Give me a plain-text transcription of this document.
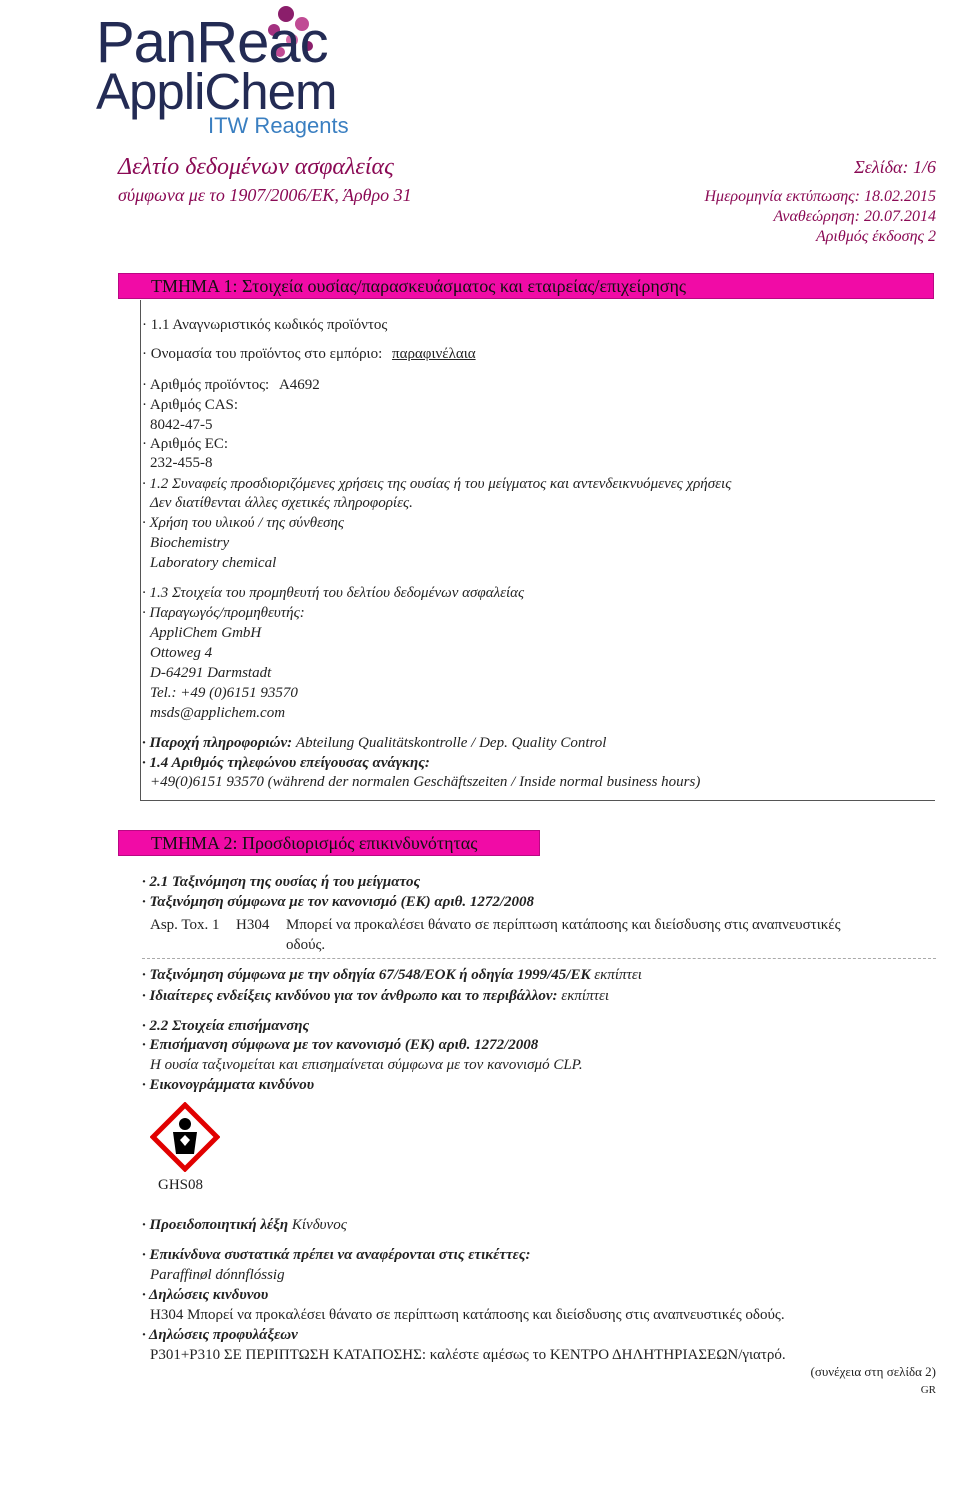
PanReac
AppliChem
ITW Reagents
Δελτίο δεδομένων ασφαλείας
σύμφωνα με το 1907/2006/ΕΚ, Άρθρο 31
Σελίδα: 1/6
Ημερομηνία εκτύπωσης: 18.02.2015
Αναθεώρηση: 20.07.2014
Αριθμός έκδοσης 2
ΤΜΗΜΑ 1: Στοιχεία ουσίας/παρασκευάσματος και εταιρείας/επιχείρησης
· 1.1 Αναγνωριστικός κωδικός προϊόντος
· Ονομασία του προϊόντος στο εμπόριο: παραφινέλαια
· Αριθμός προϊόντος: A4692
· Αριθμός CAS:
8042-47-5
· Αριθμός EC:
232-455-8
· 1.2 Συναφείς προσδιοριζόμενες χρήσεις της ουσίας ή του μείγματος και αντενδεικνυόμενες χρήσεις
Δεν διατίθενται άλλες σχετικές πληροφορίες.
· Χρήση του υλικού / της σύνθεσης
Biochemistry
Laboratory chemical
· 1.3 Στοιχεία του προμηθευτή του δελτίου δεδομένων ασφαλείας
· Παραγωγός/προμηθευτής:
AppliChem GmbH
Ottoweg 4
D-64291 Darmstadt
Tel.: +49 (0)6151 93570
msds@applichem.com
· Παροχή πληροφοριών: Abteilung Qualitätskontrolle / Dep. Quality Control
· 1.4 Αριθμός τηλεφώνου επείγουσας ανάγκης:
+49(0)6151 93570 (während der normalen Geschäftszeiten / Inside normal business hours)
ΤΜΗΜΑ 2: Προσδιορισμός επικινδυνότητας
· 2.1 Ταξινόμηση της ουσίας ή του μείγματος
· Ταξινόμηση σύμφωνα με τον κανονισμό (ΕΚ) αριθ. 1272/2008
Asp. Tox. 1 H304 Μπορεί να προκαλέσει θάνατο σε περίπτωση κατάποσης και διείσδυσης στις αναπνευστικές
οδούς.
· Ταξινόμηση σύμφωνα με την οδηγία 67/548/ΕΟΚ ή οδηγία 1999/45/ΕΚ εκπίπτει
· Ιδιαίτερες ενδείξεις κινδύνου για τον άνθρωπο και το περιβάλλον: εκπίπτει
· 2.2 Στοιχεία επισήμανσης
· Επισήμανση σύμφωνα με τον κανονισμό (ΕΚ) αριθ. 1272/2008
Η ουσία ταξινομείται και επισημαίνεται σύμφωνα με τον κανονισμό CLP.
· Εικονογράμματα κινδύνου
GHS08
· Προειδοποιητική λέξη Κίνδυνος
· Επικίνδυνα συστατικά πρέπει να αναφέρονται στις ετικέττες:
Paraffinøl dónnflóssig
· Δηλώσεις κινδυνου
H304 Μπορεί να προκαλέσει θάνατο σε περίπτωση κατάποσης και διείσδυσης στις αναπνευστικές οδούς.
· Δηλώσεις προφυλάξεων
P301+P310 ΣΕ ΠΕΡΙΠΤΩΣΗ ΚΑΤΑΠΟΣΗΣ: καλέστε αμέσως το ΚΕΝΤΡΟ ΔΗΛΗΤΗΡΙΑΣΕΩΝ/γιατρό.
(συνέχεια στη σελίδα 2)
GR
